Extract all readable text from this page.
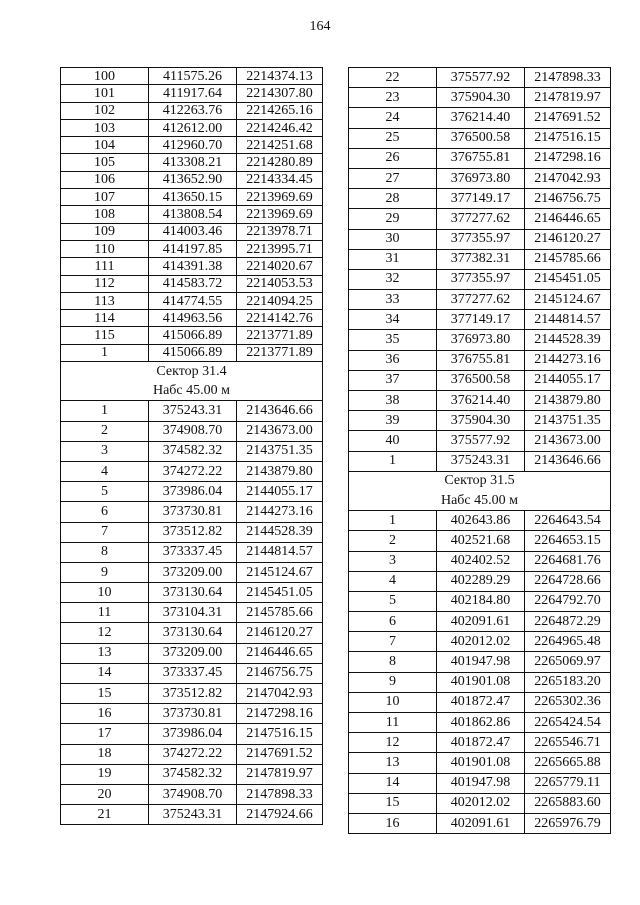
164
100	411575.26	2214374.13
101	411917.64	2214307.80
102	412263.76	2214265.16
103	412612.00	2214246.42
104	412960.70	2214251.68
105	413308.21	2214280.89
106	413652.90	2214334.45
107	413650.15	2213969.69
108	413808.54	2213969.69
109	414003.46	2213978.71
110	414197.85	2213995.71
111	414391.38	2214020.67
112	414583.72	2214053.53
113	414774.55	2214094.25
114	414963.56	2214142.76
115	415066.89	2213771.89
1	415066.89	2213771.89
Сектор 31.4		
Набс 45.00 м		
1	375243.31	2143646.66
2	374908.70	2143673.00
3	374582.32	2143751.35
4	374272.22	2143879.80
5	373986.04	2144055.17
6	373730.81	2144273.16
7	373512.82	2144528.39
8	373337.45	2144814.57
9	373209.00	2145124.67
10	373130.64	2145451.05
11	373104.31	2145785.66
12	373130.64	2146120.27
13	373209.00	2146446.65
14	373337.45	2146756.75
15	373512.82	2147042.93
16	373730.81	2147298.16
17	373986.04	2147516.15
18	374272.22	2147691.52
19	374582.32	2147819.97
20	374908.70	2147898.33
21	375243.31	2147924.66
22	375577.92	2147898.33
23	375904.30	2147819.97
24	376214.40	2147691.52
25	376500.58	2147516.15
26	376755.81	2147298.16
27	376973.80	2147042.93
28	377149.17	2146756.75
29	377277.62	2146446.65
30	377355.97	2146120.27
31	377382.31	2145785.66
32	377355.97	2145451.05
33	377277.62	2145124.67
34	377149.17	2144814.57
35	376973.80	2144528.39
36	376755.81	2144273.16
37	376500.58	2144055.17
38	376214.40	2143879.80
39	375904.30	2143751.35
40	375577.92	2143673.00
1	375243.31	2143646.66
Сектор 31.5		
Набс 45.00 м		
1	402643.86	2264643.54
2	402521.68	2264653.15
3	402402.52	2264681.76
4	402289.29	2264728.66
5	402184.80	2264792.70
6	402091.61	2264872.29
7	402012.02	2264965.48
8	401947.98	2265069.97
9	401901.08	2265183.20
10	401872.47	2265302.36
11	401862.86	2265424.54
12	401872.47	2265546.71
13	401901.08	2265665.88
14	401947.98	2265779.11
15	402012.02	2265883.60
16	402091.61	2265976.79
